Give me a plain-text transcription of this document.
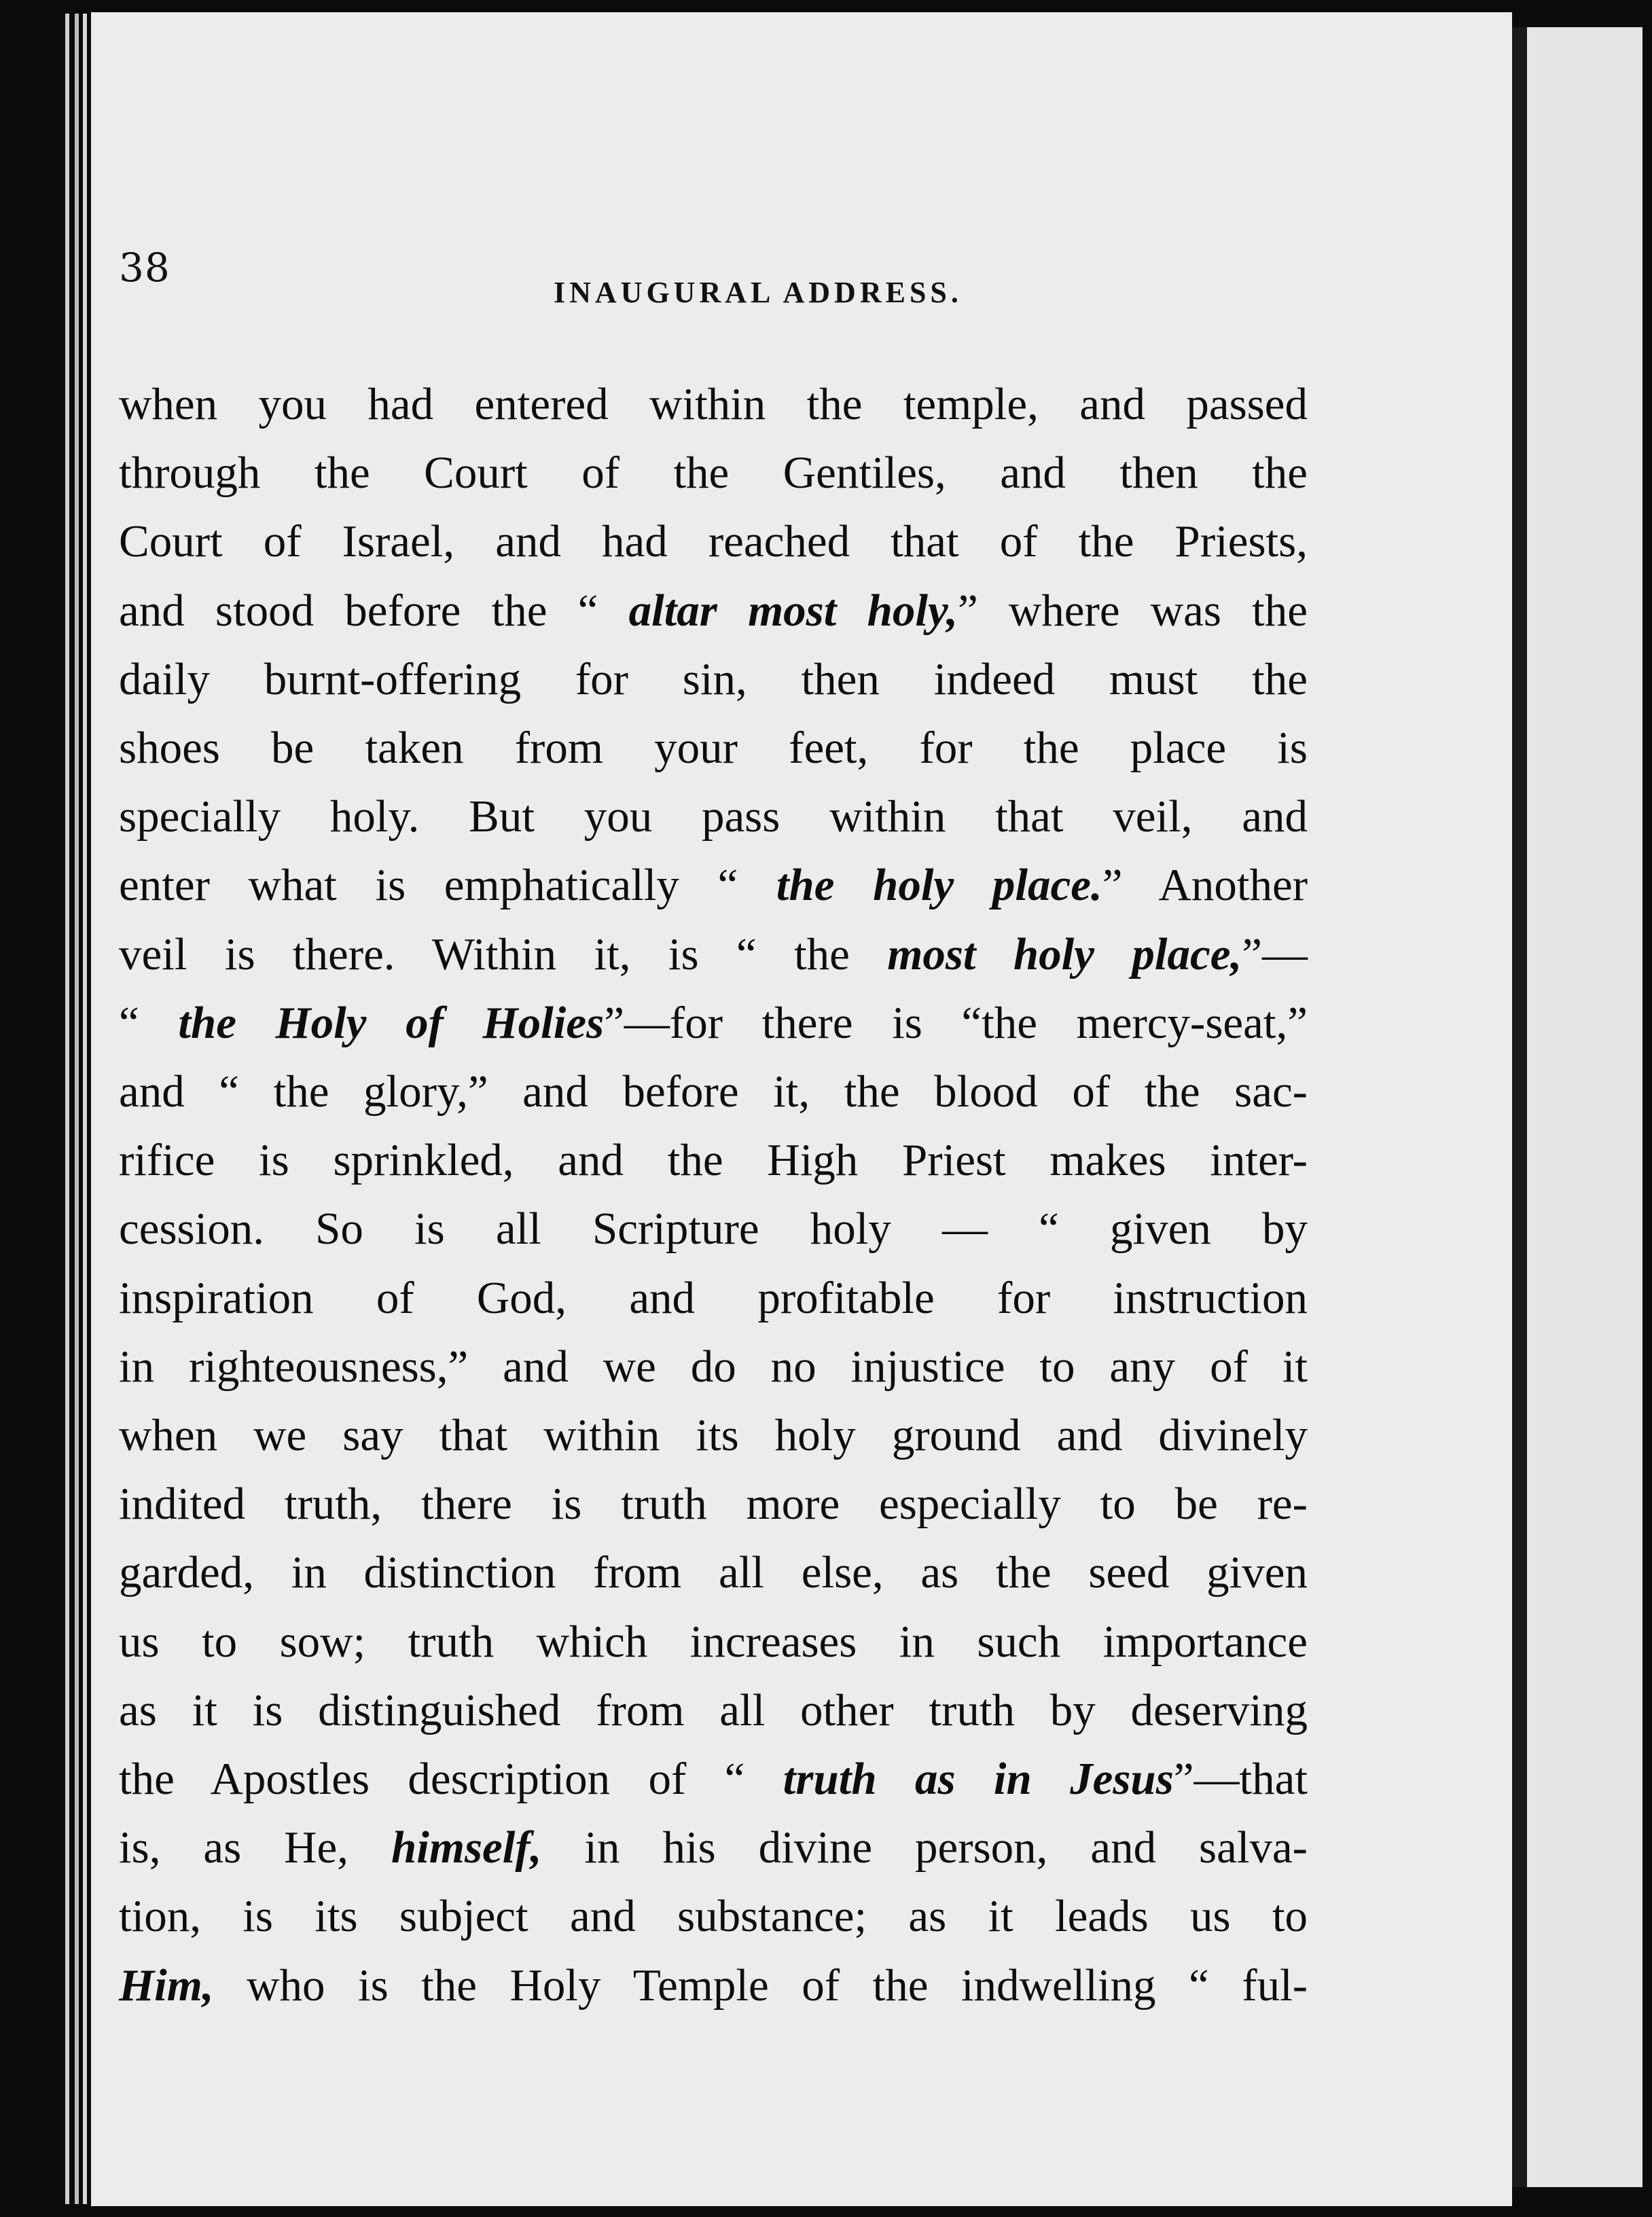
38
INAUGURAL ADDRESS.
when you had entered within the temple, and passed
through the Court of the Gentiles, and then the
Court of Israel, and had reached that of the Priests,
and stood before the “ altar most holy,” where was the
daily burnt-offering for sin, then indeed must the
shoes be taken from your feet, for the place is
specially holy. But you pass within that veil, and
enter what is emphatically “ the holy place.” Another
veil is there. Within it, is “ the most holy place,”—
“ the Holy of Holies”—for there is “the mercy-seat,”
and “ the glory,” and before it, the blood of the sac-
rifice is sprinkled, and the High Priest makes inter-
cession. So is all Scripture holy — “ given by
inspiration of God, and profitable for instruction
in righteousness,” and we do no injustice to any of it
when we say that within its holy ground and divinely
indited truth, there is truth more especially to be re-
garded, in distinction from all else, as the seed given
us to sow; truth which increases in such importance
as it is distinguished from all other truth by deserving
the Apostles description of “ truth as in Jesus”—that
is, as He, himself, in his divine person, and salva-
tion, is its subject and substance; as it leads us to
Him, who is the Holy Temple of the indwelling “ ful-
